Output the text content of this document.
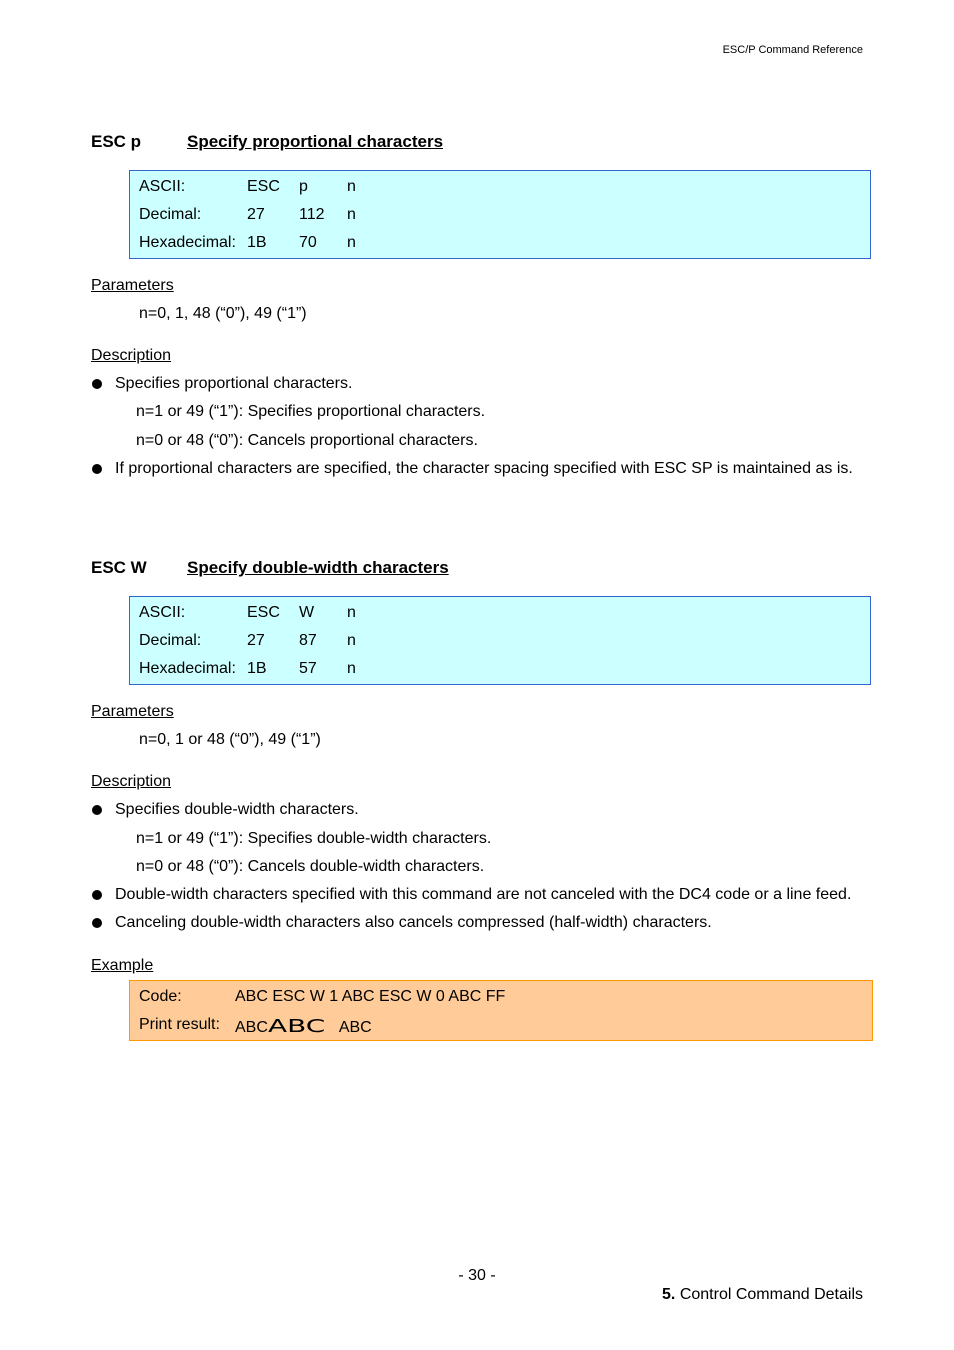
ESC/P Command Reference
ESC p	Specify proportional characters
ASCII:	ESC p n
Decimal:	27 112 n
Hexadecimal: 1B 70 n
Parameters
n=0, 1, 48 (“0”), 49 (“1”)
Description
Specifies proportional characters.
n=1 or 49 (“1”): Specifies proportional characters.
n=0 or 48 (“0”): Cancels proportional characters.
If proportional characters are specified, the character spacing specified with ESC SP is maintained as is.
ESC W Specify double-width characters
ASCII:	ESC W n
Decimal:	27 87 n
Hexadecimal: 1B 57 n
Parameters
n=0, 1 or 48 (“0”), 49 (“1”)
Description
Specifies double-width characters.
n=1 or 49 (“1”): Specifies double-width characters.
n=0 or 48 (“0”): Cancels double-width characters.
Double-width characters specified with this command are not canceled with the DC4 code or a line feed.
Canceling double-width characters also cancels compressed (half-width) characters.
Example
Code:	ABC ESC W 1 ABC ESC W 0 ABC FF
Print result: ABCABC ABC
- 30 -
5. Control Command Details
